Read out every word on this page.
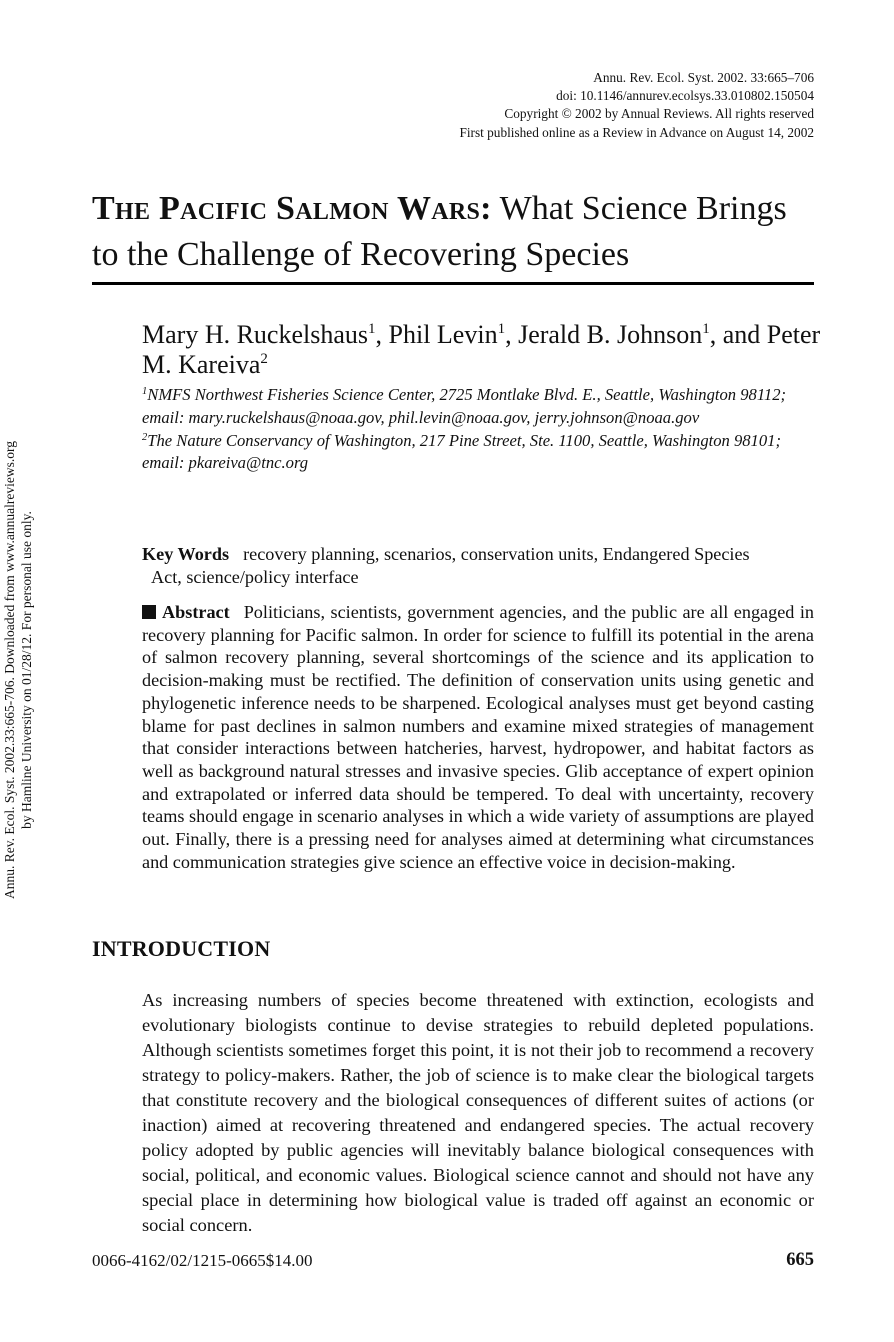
Annu. Rev. Ecol. Syst. 2002.33:665-706. Downloaded from www.annualreviews.org by Hamline University on 01/28/12. For personal use only.
Annu. Rev. Ecol. Syst. 2002. 33:665–706
doi: 10.1146/annurev.ecolsys.33.010802.150504
Copyright © 2002 by Annual Reviews. All rights reserved
First published online as a Review in Advance on August 14, 2002
The Pacific Salmon Wars: What Science Brings to the Challenge of Recovering Species
Mary H. Ruckelshaus$^1$, Phil Levin$^1$, Jerald B. Johnson$^1$, and Peter M. Kareiva$^2$
$^1$NMFS Northwest Fisheries Science Center, 2725 Montlake Blvd. E., Seattle, Washington 98112; email: mary.ruckelshaus@noaa.gov, phil.levin@noaa.gov, jerry.johnson@noaa.gov
$^2$The Nature Conservancy of Washington, 217 Pine Street, Ste. 1100, Seattle, Washington 98101; email: pkareiva@tnc.org
Key Words recovery planning, scenarios, conservation units, Endangered Species
Act, science/policy interface
Abstract Politicians, scientists, government agencies, and the public are all engaged in recovery planning for Pacific salmon. In order for science to fulfill its potential in the arena of salmon recovery planning, several shortcomings of the science and its application to decision-making must be rectified. The definition of conservation units using genetic and phylogenetic inference needs to be sharpened. Ecological analyses must get beyond casting blame for past declines in salmon numbers and examine mixed strategies of management that consider interactions between hatcheries, harvest, hydropower, and habitat factors as well as background natural stresses and invasive species. Glib acceptance of expert opinion and extrapolated or inferred data should be tempered. To deal with uncertainty, recovery teams should engage in scenario analyses in which a wide variety of assumptions are played out. Finally, there is a pressing need for analyses aimed at determining what circumstances and communication strategies give science an effective voice in decision-making.
INTRODUCTION
As increasing numbers of species become threatened with extinction, ecologists and evolutionary biologists continue to devise strategies to rebuild depleted populations. Although scientists sometimes forget this point, it is not their job to recommend a recovery strategy to policy-makers. Rather, the job of science is to make clear the biological targets that constitute recovery and the biological consequences of different suites of actions (or inaction) aimed at recovering threatened and endangered species. The actual recovery policy adopted by public agencies will inevitably balance biological consequences with social, political, and economic values. Biological science cannot and should not have any special place in determining how biological value is traded off against an economic or social concern.
0066-4162/02/1215-0665$14.00	665
